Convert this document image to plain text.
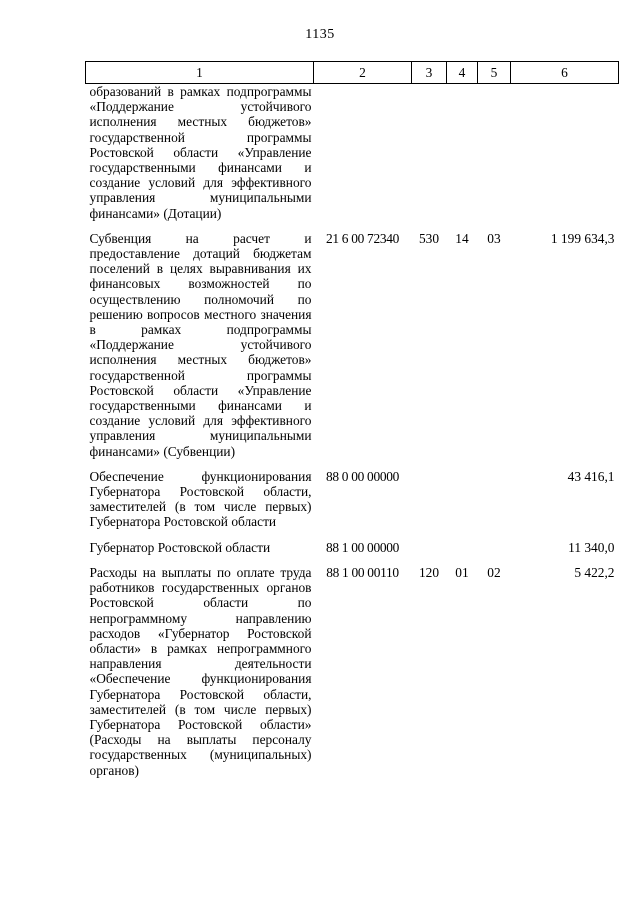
1135
1	2	3	4	5	6
образований в рамках подпрограммы «Поддержание устойчивого исполнения местных бюджетов» государственной программы Ростовской области «Управление государственными финансами и создание условий для эффективного управления муниципальными финансами» (Дотации)					
Субвенция на расчет и предоставление дотаций бюджетам поселений в целях выравнивания их финансовых возможностей по осуществлению полномочий по решению вопросов местного значения в рамках подпрограммы «Поддержание устойчивого исполнения местных бюджетов» государственной программы Ростовской области «Управление государственными финансами и создание условий для эффективного управления муниципальными финансами» (Субвенции)	21 6 00 72340	530	14	03	1 199 634,3
Обеспечение функционирования Губернатора Ростовской области, заместителей (в том числе первых) Губернатора Ростовской области	88 0 00 00000				43 416,1
Губернатор Ростовской области	88 1 00 00000				11 340,0
Расходы на выплаты по оплате труда работников государственных органов Ростовской области по непрограммному направлению расходов «Губернатор Ростовской области» в рамках непрограммного направления деятельности «Обеспечение функционирования Губернатора Ростовской области, заместителей (в том числе первых) Губернатора Ростовской области» (Расходы на выплаты персоналу государственных (муниципальных) органов)	88 1 00 00110	120	01	02	5 422,2
